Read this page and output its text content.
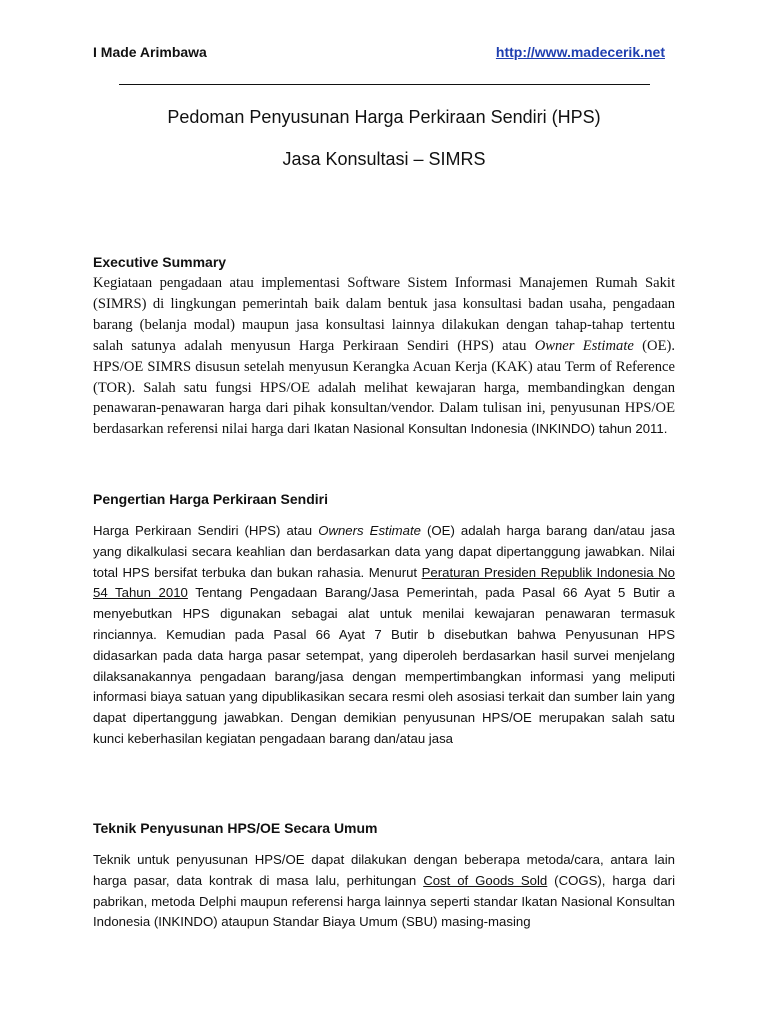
I Made Arimbawa	http://www.madecerik.net
Pedoman Penyusunan Harga Perkiraan Sendiri (HPS)
Jasa Konsultasi – SIMRS
Executive Summary
Kegiataan pengadaan atau implementasi Software Sistem Informasi Manajemen Rumah Sakit (SIMRS) di lingkungan pemerintah baik dalam bentuk jasa konsultasi badan usaha, pengadaan barang (belanja modal) maupun jasa konsultasi lainnya dilakukan dengan tahap-tahap tertentu salah satunya adalah menyusun Harga Perkiraan Sendiri (HPS) atau Owner Estimate (OE). HPS/OE SIMRS disusun setelah menyusun Kerangka Acuan Kerja (KAK) atau Term of Reference (TOR). Salah satu fungsi HPS/OE adalah melihat kewajaran harga, membandingkan dengan penawaran-penawaran harga dari pihak konsultan/vendor. Dalam tulisan ini, penyusunan HPS/OE berdasarkan referensi nilai harga dari Ikatan Nasional Konsultan Indonesia (INKINDO) tahun 2011.
Pengertian Harga Perkiraan Sendiri
Harga Perkiraan Sendiri (HPS) atau Owners Estimate (OE) adalah harga barang dan/atau jasa yang dikalkulasi secara keahlian dan berdasarkan data yang dapat dipertanggung jawabkan. Nilai total HPS bersifat terbuka dan bukan rahasia. Menurut Peraturan Presiden Republik Indonesia No 54 Tahun 2010 Tentang Pengadaan Barang/Jasa Pemerintah, pada Pasal 66 Ayat 5 Butir a menyebutkan HPS digunakan sebagai alat untuk menilai kewajaran penawaran termasuk rinciannya. Kemudian pada Pasal 66 Ayat 7 Butir b disebutkan bahwa Penyusunan HPS didasarkan pada data harga pasar setempat, yang diperoleh berdasarkan hasil survei menjelang dilaksanakannya pengadaan barang/jasa dengan mempertimbangkan informasi yang meliputi informasi biaya satuan yang dipublikasikan secara resmi oleh asosiasi terkait dan sumber lain yang dapat dipertanggung jawabkan. Dengan demikian penyusunan HPS/OE merupakan salah satu kunci keberhasilan kegiatan pengadaan barang dan/atau jasa
Teknik Penyusunan HPS/OE Secara Umum
Teknik untuk penyusunan HPS/OE dapat dilakukan dengan beberapa metoda/cara, antara lain harga pasar, data kontrak di masa lalu, perhitungan Cost of Goods Sold (COGS), harga dari pabrikan, metoda Delphi maupun referensi harga lainnya seperti standar Ikatan Nasional Konsultan Indonesia (INKINDO) ataupun Standar Biaya Umum (SBU) masing-masing
